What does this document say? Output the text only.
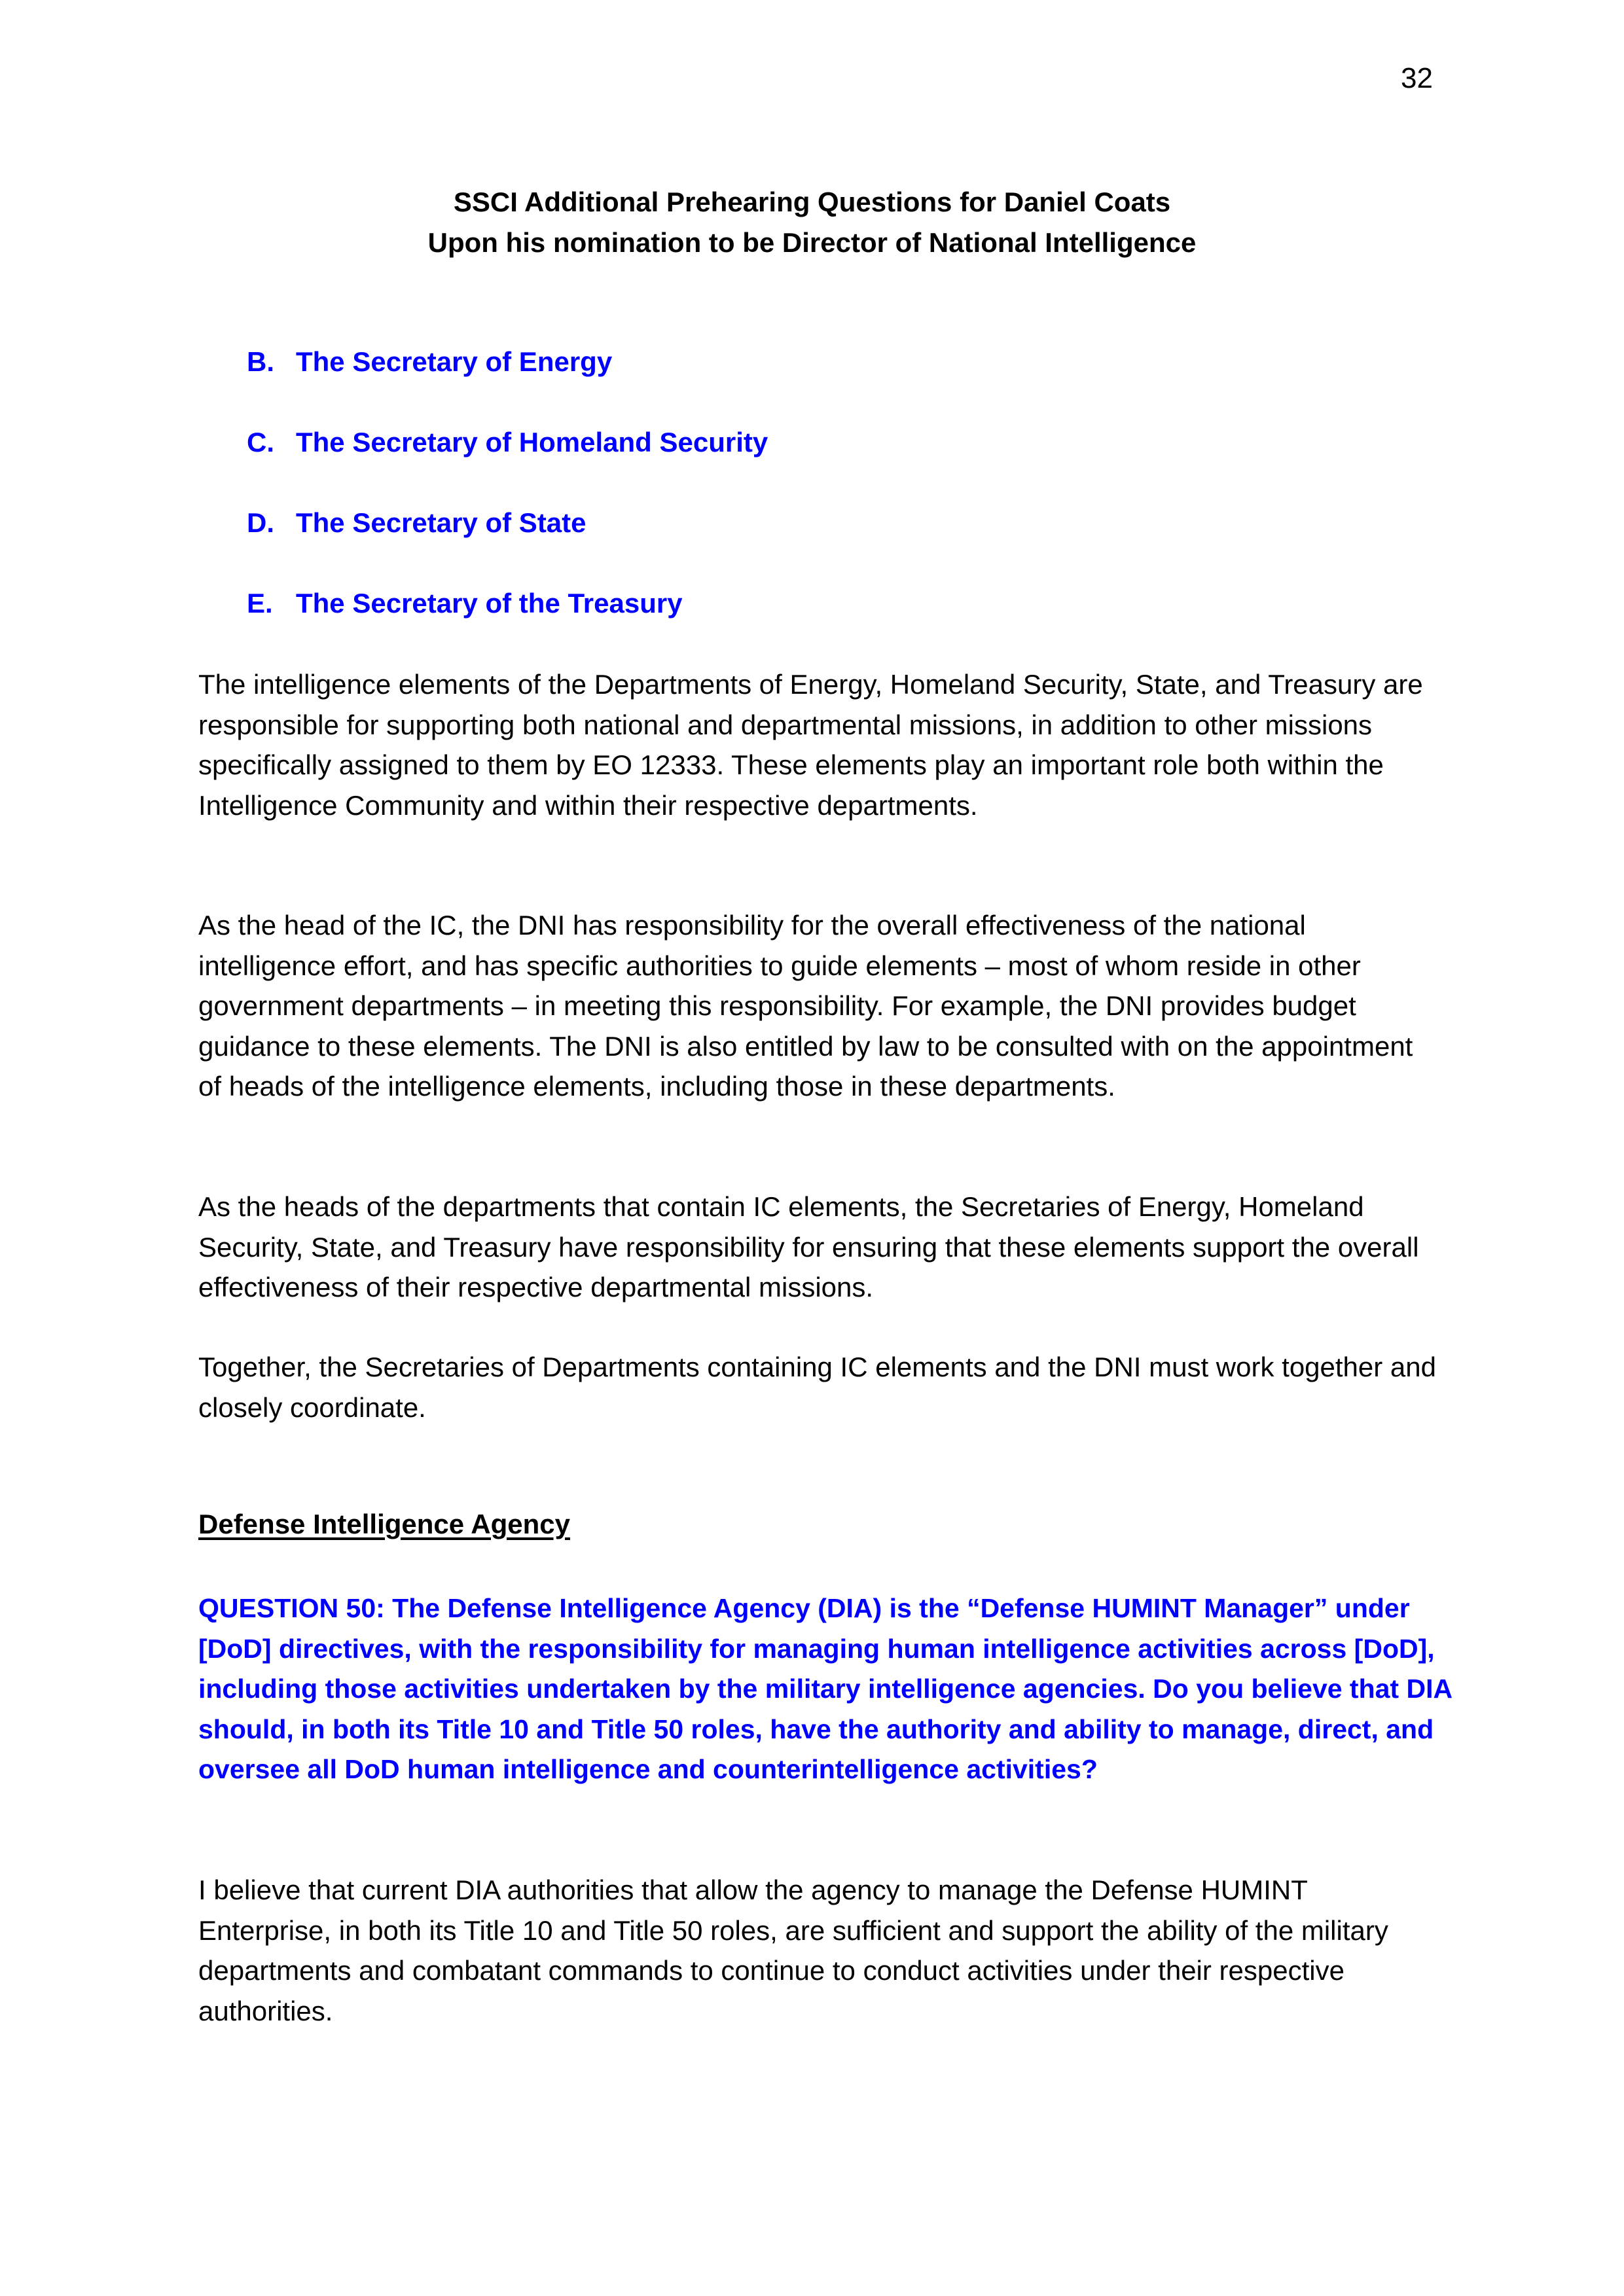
32
SSCI Additional Prehearing Questions for Daniel Coats
Upon his nomination to be Director of National Intelligence
B. The Secretary of Energy
C. The Secretary of Homeland Security
D. The Secretary of State
E. The Secretary of the Treasury
The intelligence elements of the Departments of Energy, Homeland Security, State, and Treasury are responsible for supporting both national and departmental missions, in addition to other missions specifically assigned to them by EO 12333. These elements play an important role both within the Intelligence Community and within their respective departments.
As the head of the IC, the DNI has responsibility for the overall effectiveness of the national intelligence effort, and has specific authorities to guide elements – most of whom reside in other government departments – in meeting this responsibility. For example, the DNI provides budget guidance to these elements. The DNI is also entitled by law to be consulted with on the appointment of heads of the intelligence elements, including those in these departments.
As the heads of the departments that contain IC elements, the Secretaries of Energy, Homeland Security, State, and Treasury have responsibility for ensuring that these elements support the overall effectiveness of their respective departmental missions.
Together, the Secretaries of Departments containing IC elements and the DNI must work together and closely coordinate.
Defense Intelligence Agency
QUESTION 50: The Defense Intelligence Agency (DIA) is the “Defense HUMINT Manager” under [DoD] directives, with the responsibility for managing human intelligence activities across [DoD], including those activities undertaken by the military intelligence agencies. Do you believe that DIA should, in both its Title 10 and Title 50 roles, have the authority and ability to manage, direct, and oversee all DoD human intelligence and counterintelligence activities?
I believe that current DIA authorities that allow the agency to manage the Defense HUMINT Enterprise, in both its Title 10 and Title 50 roles, are sufficient and support the ability of the military departments and combatant commands to continue to conduct activities under their respective authorities.
